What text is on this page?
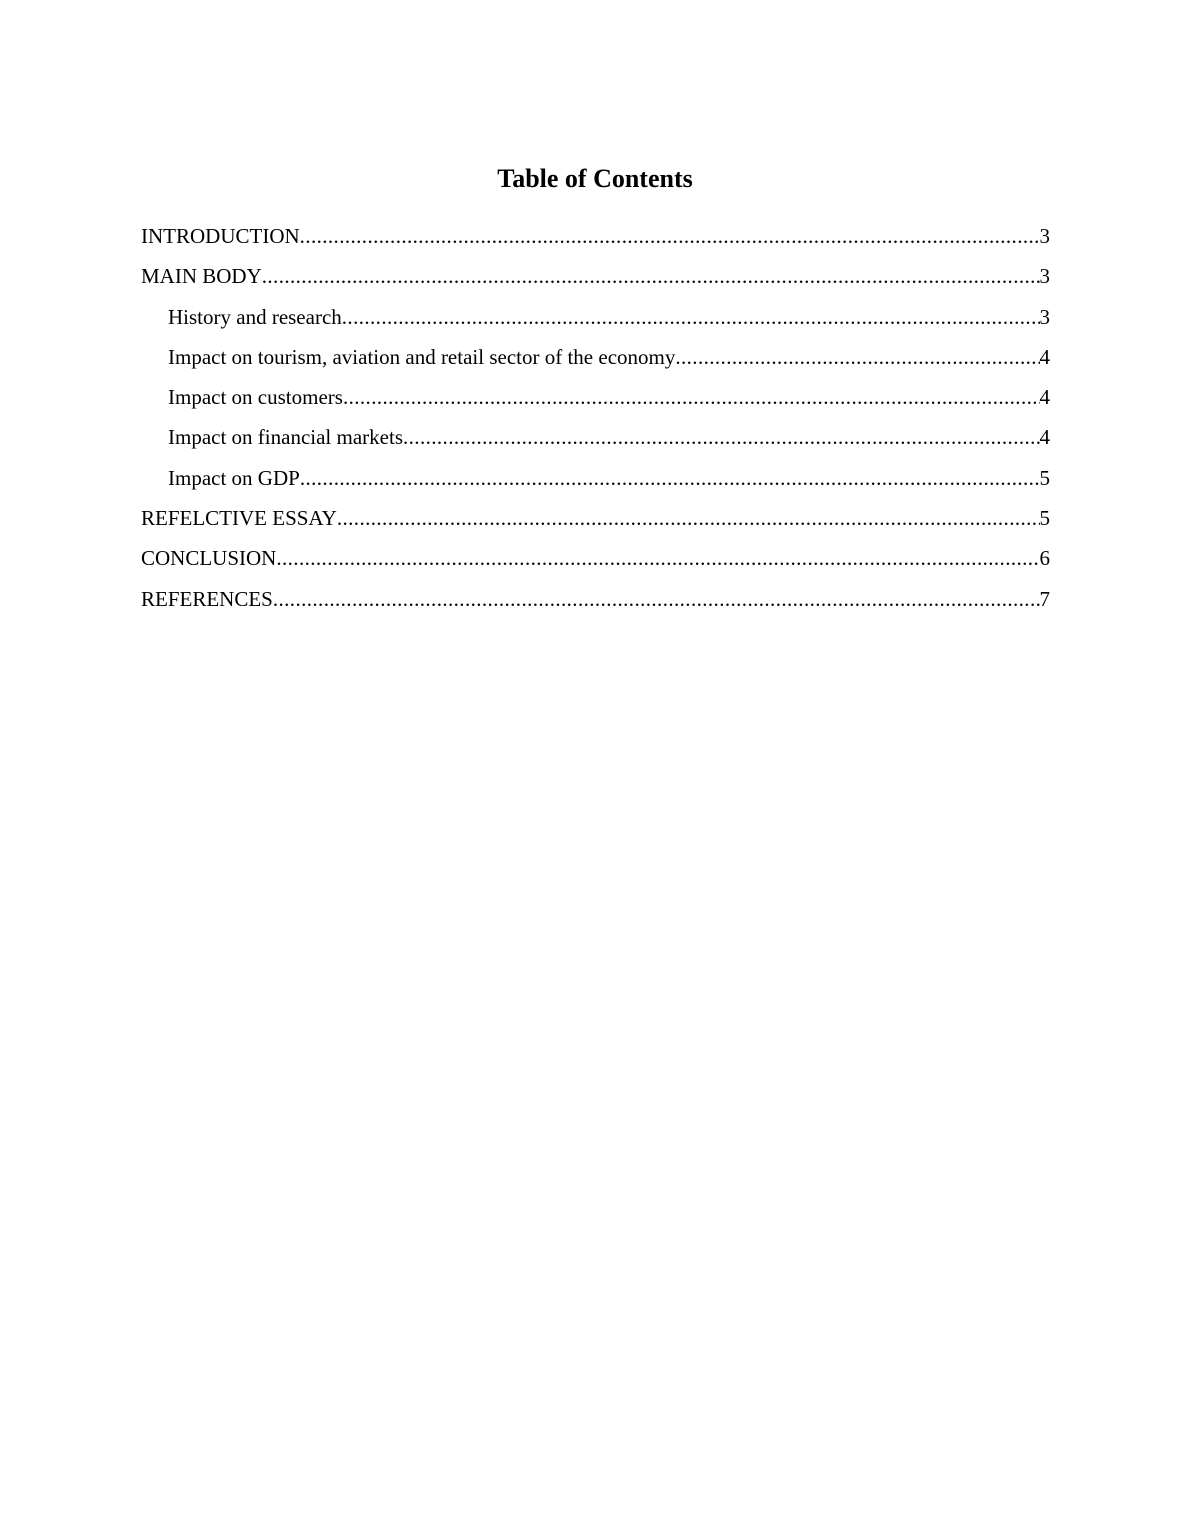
Table of Contents
INTRODUCTION .....	3
MAIN BODY .....	3
History and research .....	3
Impact on tourism, aviation and retail sector of the economy .....	4
Impact on customers .....	4
Impact on financial markets .....	4
Impact on GDP .....	5
REFELCTIVE ESSAY .....	5
CONCLUSION .....	6
REFERENCES .....	7
